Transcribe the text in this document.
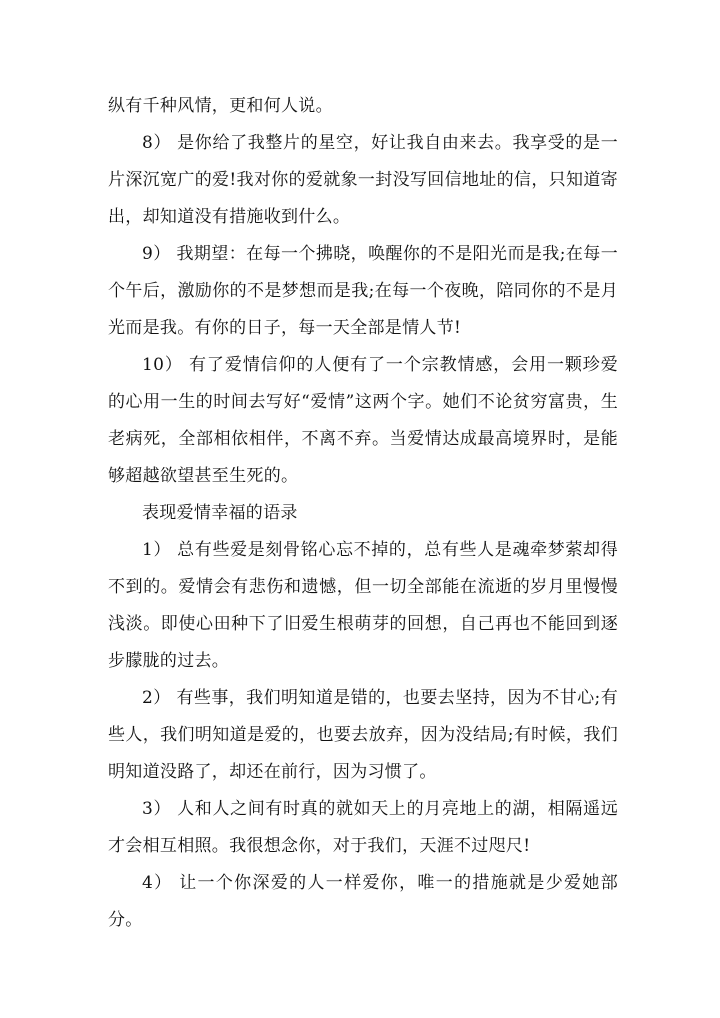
纵有千种风情，更和何人说。

8） 是你给了我整片的星空，好让我自由来去。我享受的是一片深沉宽广的爱!我对你的爱就象一封没写回信地址的信，只知道寄出，却知道没有措施收到什么。

9） 我期望：在每一个拂晓，唤醒你的不是阳光而是我;在每一个午后，激励你的不是梦想而是我;在每一个夜晚，陪同你的不是月光而是我。有你的日子，每一天全部是情人节!

10） 有了爱情信仰的人便有了一个宗教情感，会用一颗珍爱的心用一生的时间去写好“爱情”这两个字。她们不论贫穷富贵，生老病死，全部相依相伴，不离不弃。当爱情达成最高境界时，是能够超越欲望甚至生死的。

表现爱情幸福的语录

1） 总有些爱是刻骨铭心忘不掉的，总有些人是魂牵梦萦却得不到的。爱情会有悲伤和遗憾，但一切全部能在流逝的岁月里慢慢浅淡。即使心田种下了旧爱生根萌芽的回想，自己再也不能回到逐步朦胧的过去。

2） 有些事，我们明知道是错的，也要去坚持，因为不甘心;有些人，我们明知道是爱的，也要去放弃，因为没结局;有时候，我们明知道没路了，却还在前行，因为习惯了。

3） 人和人之间有时真的就如天上的月亮地上的湖，相隔遥远才会相互相照。我很想念你，对于我们，天涯不过咫尺!

4） 让一个你深爱的人一样爱你，唯一的措施就是少爱她部分。
